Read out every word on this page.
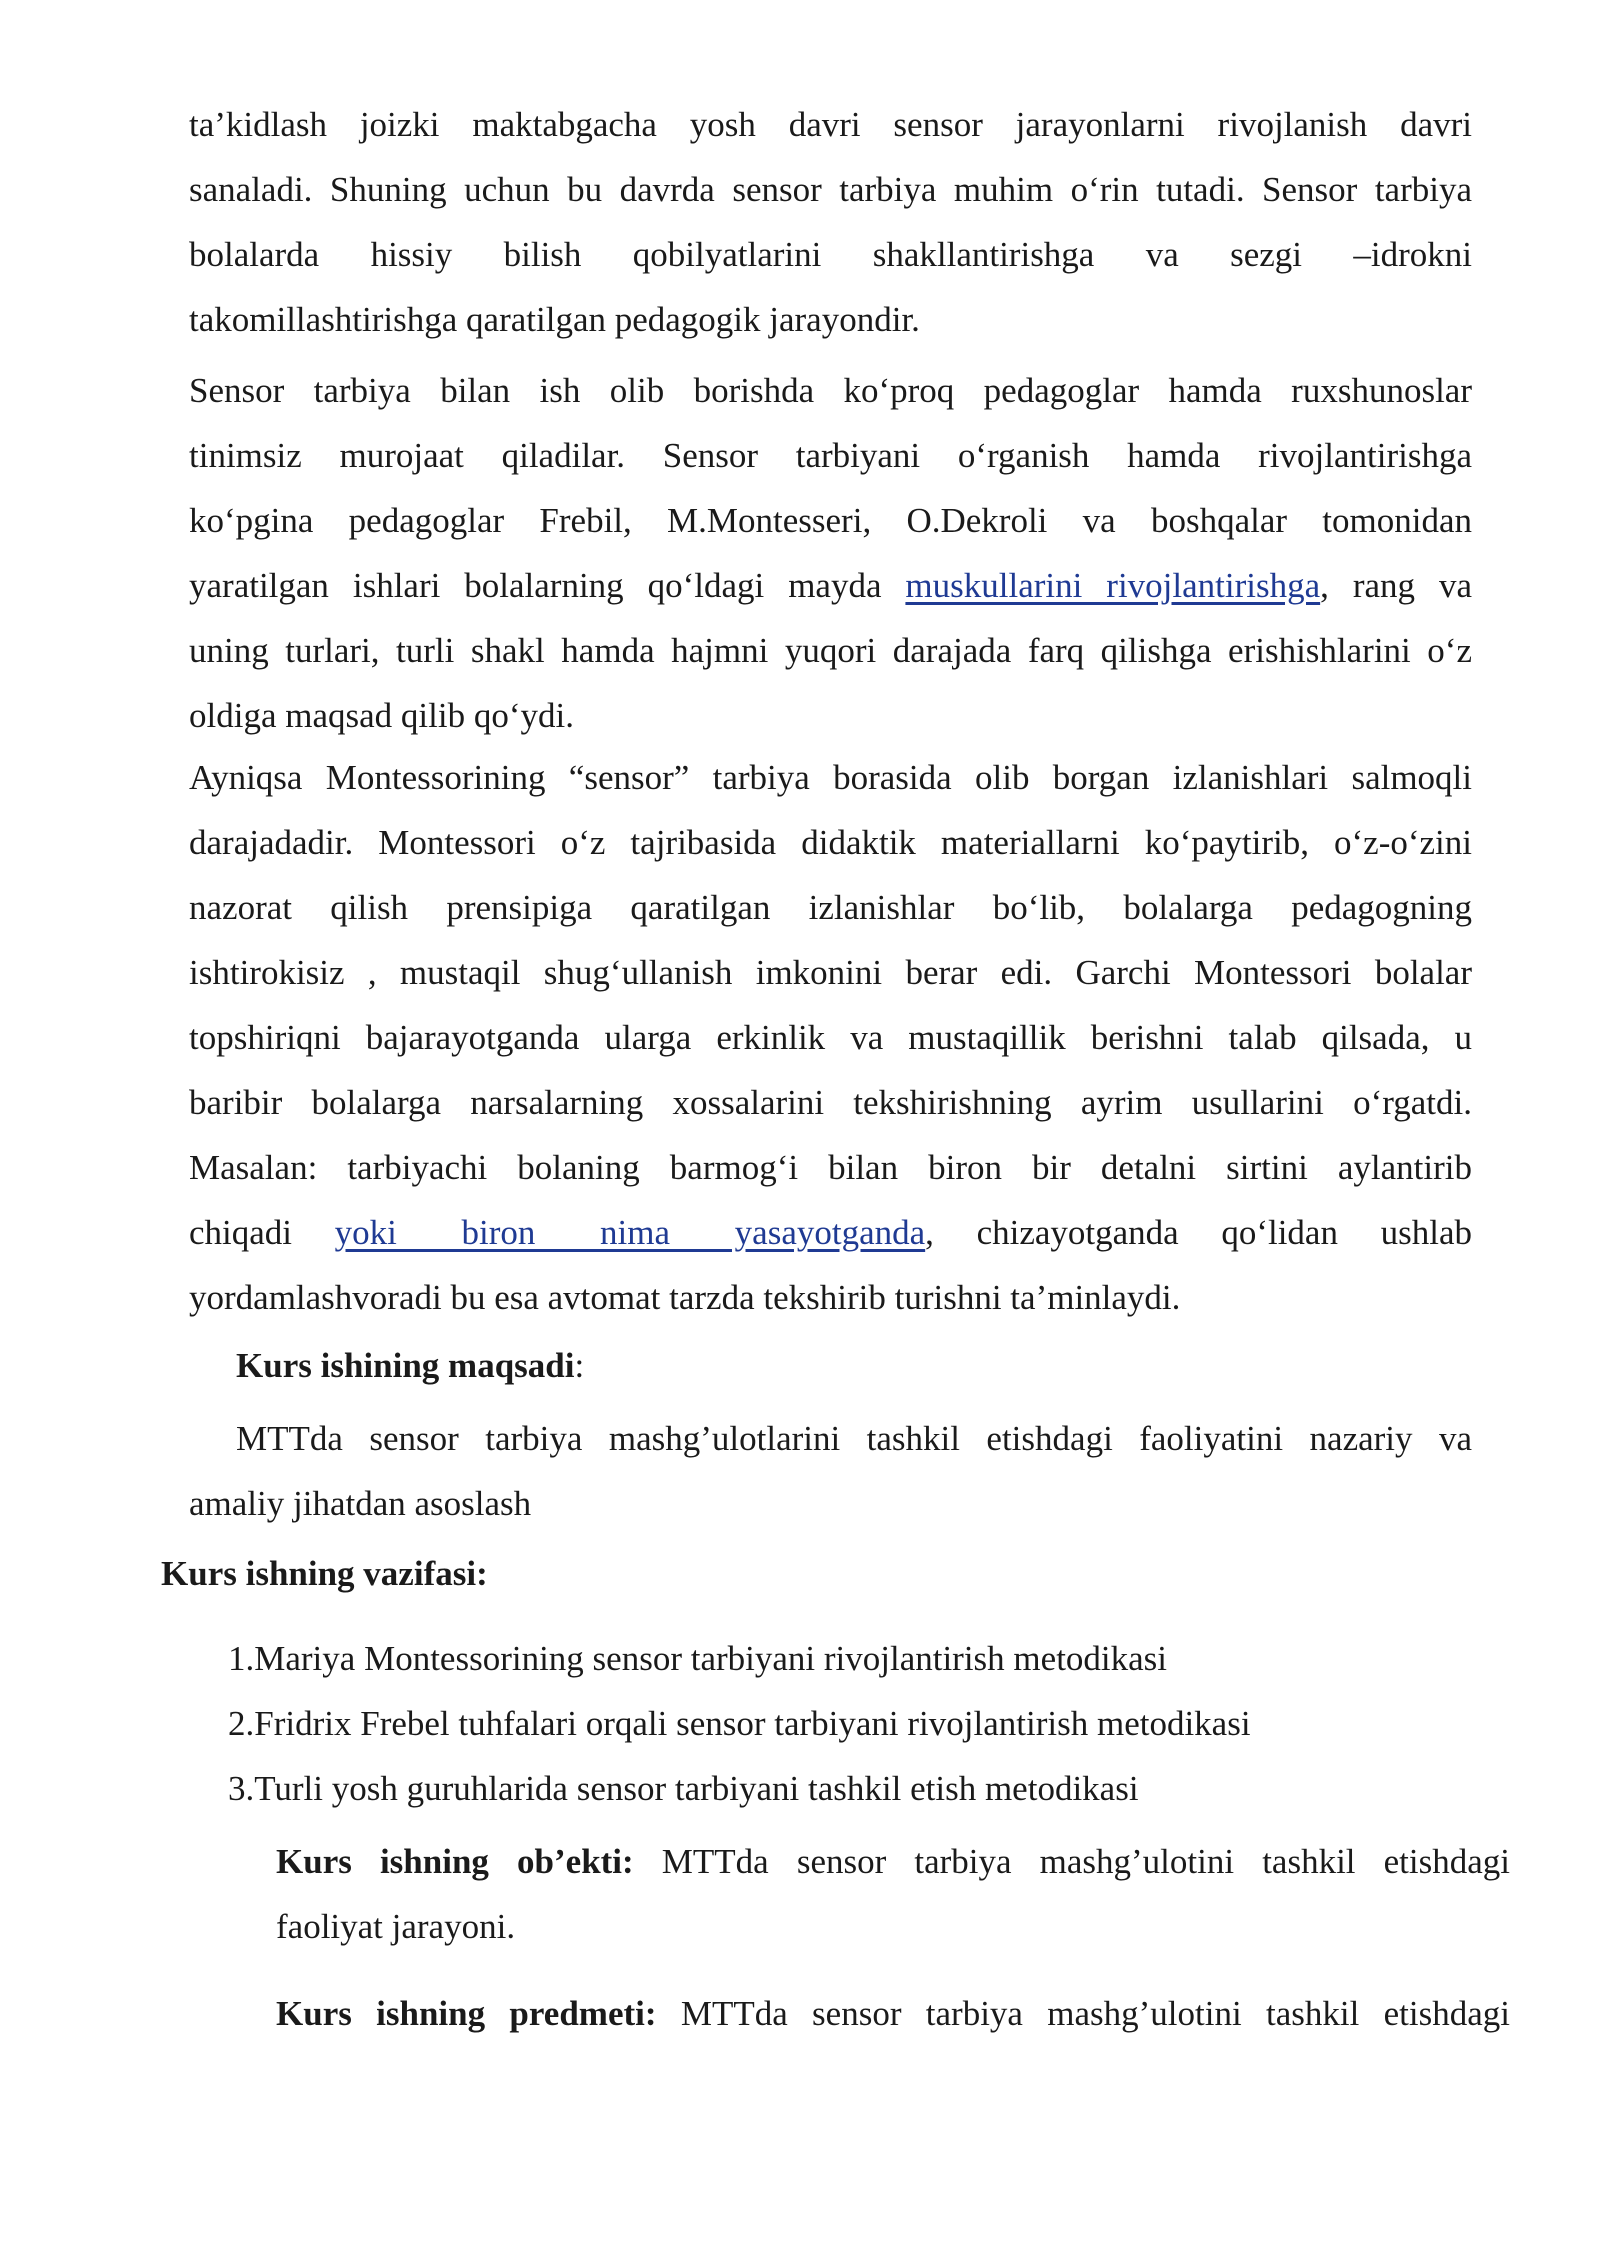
ta’kidlash joizki maktabgacha yosh davri sensor jarayonlarni rivojlanish davri
sanaladi. Shuning uchun bu davrda sensor tarbiya muhim o‘rin tutadi. Sensor tarbiya
bolalarda hissiy bilish qobilyatlarini shakllantirishga va sezgi –idrokni
takomillashtirishga qaratilgan pedagogik jarayondir.
Sensor tarbiya bilan ish olib borishda ko‘proq pedagoglar hamda ruxshunoslar
tinimsiz murojaat qiladilar. Sensor tarbiyani o‘rganish hamda rivojlantirishga
ko‘pgina pedagoglar Frebil, M.Montesseri, O.Dekroli va boshqalar tomonidan
yaratilgan ishlari bolalarning qo‘ldagi mayda muskullarini rivojlantirishga, rang va
uning turlari, turli shakl hamda hajmni yuqori darajada farq qilishga erishishlarini o‘z
oldiga maqsad qilib qo‘ydi.
Ayniqsa Montessorining “sensor” tarbiya borasida olib borgan izlanishlari salmoqli
darajadadir. Montessori o‘z tajribasida didaktik materiallarni ko‘paytirib, o‘z-o‘zini
nazorat qilish prensipiga qaratilgan izlanishlar bo‘lib, bolalarga pedagogning
ishtirokisiz , mustaqil shug‘ullanish imkonini berar edi. Garchi Montessori bolalar
topshiriqni bajarayotganda ularga erkinlik va mustaqillik berishni talab qilsada, u
baribir bolalarga narsalarning xossalarini tekshirishning ayrim usullarini o‘rgatdi.
Masalan: tarbiyachi bolaning barmog‘i bilan biron bir detalni sirtini aylantirib
chiqadi yoki biron nima yasayotganda, chizayotganda qo‘lidan ushlab
yordamlashvoradi bu esa avtomat tarzda tekshirib turishni ta’minlaydi.
Kurs ishining maqsadi:
MTTda sensor tarbiya mashg’ulotlarini tashkil etishdagi faoliyatini nazariy va
amaliy jihatdan asoslash
Kurs ishning vazifasi:
1.Mariya Montessorining sensor tarbiyani rivojlantirish metodikasi
2.Fridrix Frebel tuhfalari orqali sensor tarbiyani rivojlantirish metodikasi
3.Turli yosh guruhlarida sensor tarbiyani tashkil etish metodikasi
Kurs ishning ob’ekti: MTTda sensor tarbiya mashg’ulotini tashkil etishdagi
faoliyat jarayoni.
Kurs ishning predmeti: MTTda sensor tarbiya mashg’ulotini tashkil etishdagi
